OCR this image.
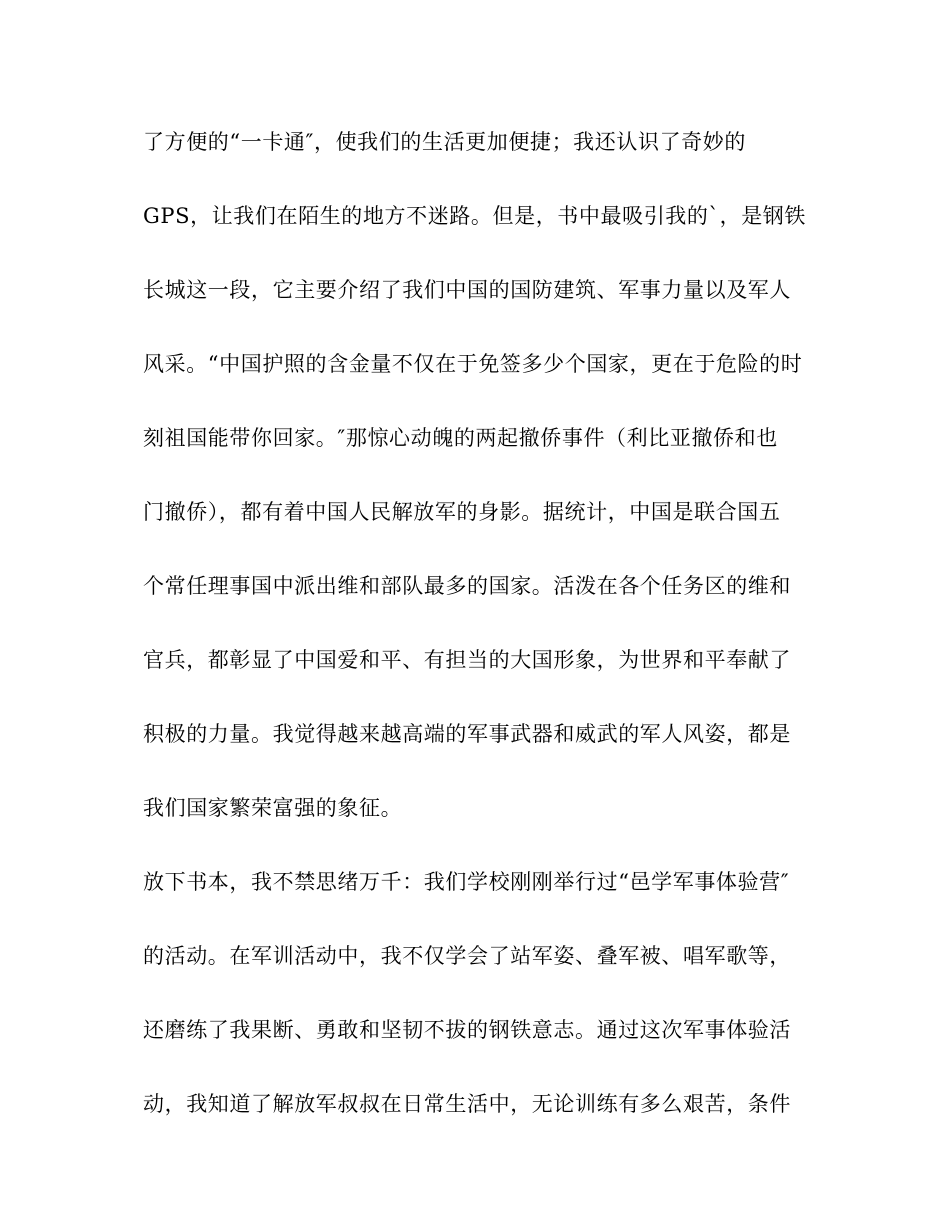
了方便的“一卡通″，使我们的生活更加便捷；我还认识了奇妙的
GPS，让我们在陌生的地方不迷路。但是，书中最吸引我的`，是钢铁
长城这一段，它主要介绍了我们中国的国防建筑、军事力量以及军人
风采。“中国护照的含金量不仅在于免签多少个国家，更在于危险的时
刻祖国能带你回家。″那惊心动魄的两起撤侨事件（利比亚撤侨和也
门撤侨），都有着中国人民解放军的身影。据统计，中国是联合国五
个常任理事国中派出维和部队最多的国家。活泼在各个任务区的维和
官兵，都彰显了中国爱和平、有担当的大国形象，为世界和平奉献了
积极的力量。我觉得越来越高端的军事武器和威武的军人风姿，都是
我们国家繁荣富强的象征。
放下书本，我不禁思绪万千：我们学校刚刚举行过“邑学军事体验营″
的活动。在军训活动中，我不仅学会了站军姿、叠军被、唱军歌等，
还磨练了我果断、勇敢和坚韧不拔的钢铁意志。通过这次军事体验活
动，我知道了解放军叔叔在日常生活中，无论训练有多么艰苦，条件
